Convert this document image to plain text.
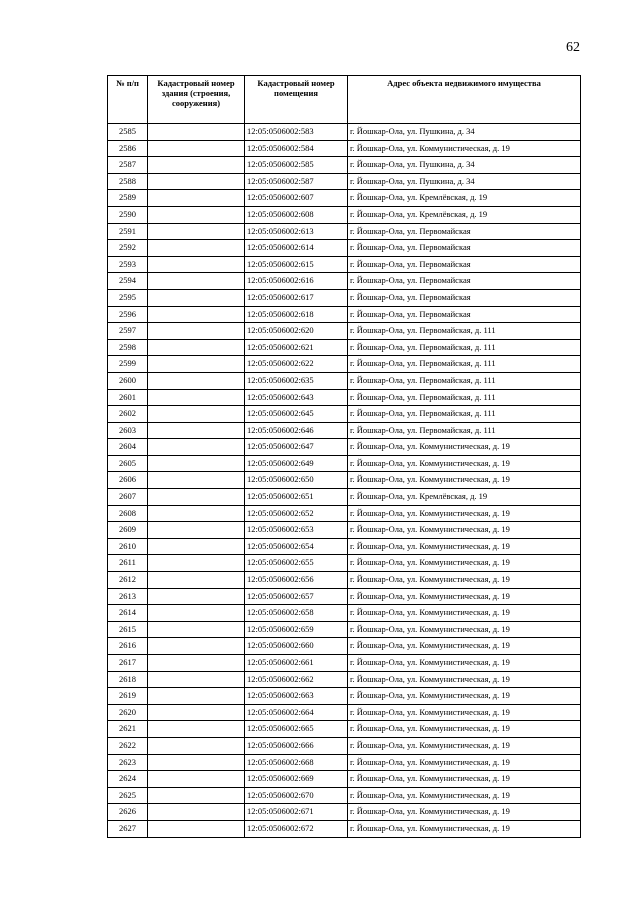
62
№ п/п	Кадастровый номер здания (строения, сооружения)	Кадастровый номер помещения	Адрес объекта недвижимого имущества
2585		12:05:0506002:583	г. Йошкар-Ола, ул. Пушкина, д. 34
2586		12:05:0506002:584	г. Йошкар-Ола, ул. Коммунистическая, д. 19
2587		12:05:0506002:585	г. Йошкар-Ола, ул. Пушкина, д. 34
2588		12:05:0506002:587	г. Йошкар-Ола, ул. Пушкина, д. 34
2589		12:05:0506002:607	г. Йошкар-Ола, ул. Кремлёвская, д. 19
2590		12:05:0506002:608	г. Йошкар-Ола, ул. Кремлёвская, д. 19
2591		12:05:0506002:613	г. Йошкар-Ола, ул. Первомайская
2592		12:05:0506002:614	г. Йошкар-Ола, ул. Первомайская
2593		12:05:0506002:615	г. Йошкар-Ола, ул. Первомайская
2594		12:05:0506002:616	г. Йошкар-Ола, ул. Первомайская
2595		12:05:0506002:617	г. Йошкар-Ола, ул. Первомайская
2596		12:05:0506002:618	г. Йошкар-Ола, ул. Первомайская
2597		12:05:0506002:620	г. Йошкар-Ола, ул. Первомайская, д. 111
2598		12:05:0506002:621	г. Йошкар-Ола, ул. Первомайская, д. 111
2599		12:05:0506002:622	г. Йошкар-Ола, ул. Первомайская, д. 111
2600		12:05:0506002:635	г. Йошкар-Ола, ул. Первомайская, д. 111
2601		12:05:0506002:643	г. Йошкар-Ола, ул. Первомайская, д. 111
2602		12:05:0506002:645	г. Йошкар-Ола, ул. Первомайская, д. 111
2603		12:05:0506002:646	г. Йошкар-Ола, ул. Первомайская, д. 111
2604		12:05:0506002:647	г. Йошкар-Ола, ул. Коммунистическая, д. 19
2605		12:05:0506002:649	г. Йошкар-Ола, ул. Коммунистическая, д. 19
2606		12:05:0506002:650	г. Йошкар-Ола, ул. Коммунистическая, д. 19
2607		12:05:0506002:651	г. Йошкар-Ола, ул. Кремлёвская, д. 19
2608		12:05:0506002:652	г. Йошкар-Ола, ул. Коммунистическая, д. 19
2609		12:05:0506002:653	г. Йошкар-Ола, ул. Коммунистическая, д. 19
2610		12:05:0506002:654	г. Йошкар-Ола, ул. Коммунистическая, д. 19
2611		12:05:0506002:655	г. Йошкар-Ола, ул. Коммунистическая, д. 19
2612		12:05:0506002:656	г. Йошкар-Ола, ул. Коммунистическая, д. 19
2613		12:05:0506002:657	г. Йошкар-Ола, ул. Коммунистическая, д. 19
2614		12:05:0506002:658	г. Йошкар-Ола, ул. Коммунистическая, д. 19
2615		12:05:0506002:659	г. Йошкар-Ола, ул. Коммунистическая, д. 19
2616		12:05:0506002:660	г. Йошкар-Ола, ул. Коммунистическая, д. 19
2617		12:05:0506002:661	г. Йошкар-Ола, ул. Коммунистическая, д. 19
2618		12:05:0506002:662	г. Йошкар-Ола, ул. Коммунистическая, д. 19
2619		12:05:0506002:663	г. Йошкар-Ола, ул. Коммунистическая, д. 19
2620		12:05:0506002:664	г. Йошкар-Ола, ул. Коммунистическая, д. 19
2621		12:05:0506002:665	г. Йошкар-Ола, ул. Коммунистическая, д. 19
2622		12:05:0506002:666	г. Йошкар-Ола, ул. Коммунистическая, д. 19
2623		12:05:0506002:668	г. Йошкар-Ола, ул. Коммунистическая, д. 19
2624		12:05:0506002:669	г. Йошкар-Ола, ул. Коммунистическая, д. 19
2625		12:05:0506002:670	г. Йошкар-Ола, ул. Коммунистическая, д. 19
2626		12:05:0506002:671	г. Йошкар-Ола, ул. Коммунистическая, д. 19
2627		12:05:0506002:672	г. Йошкар-Ола, ул. Коммунистическая, д. 19
